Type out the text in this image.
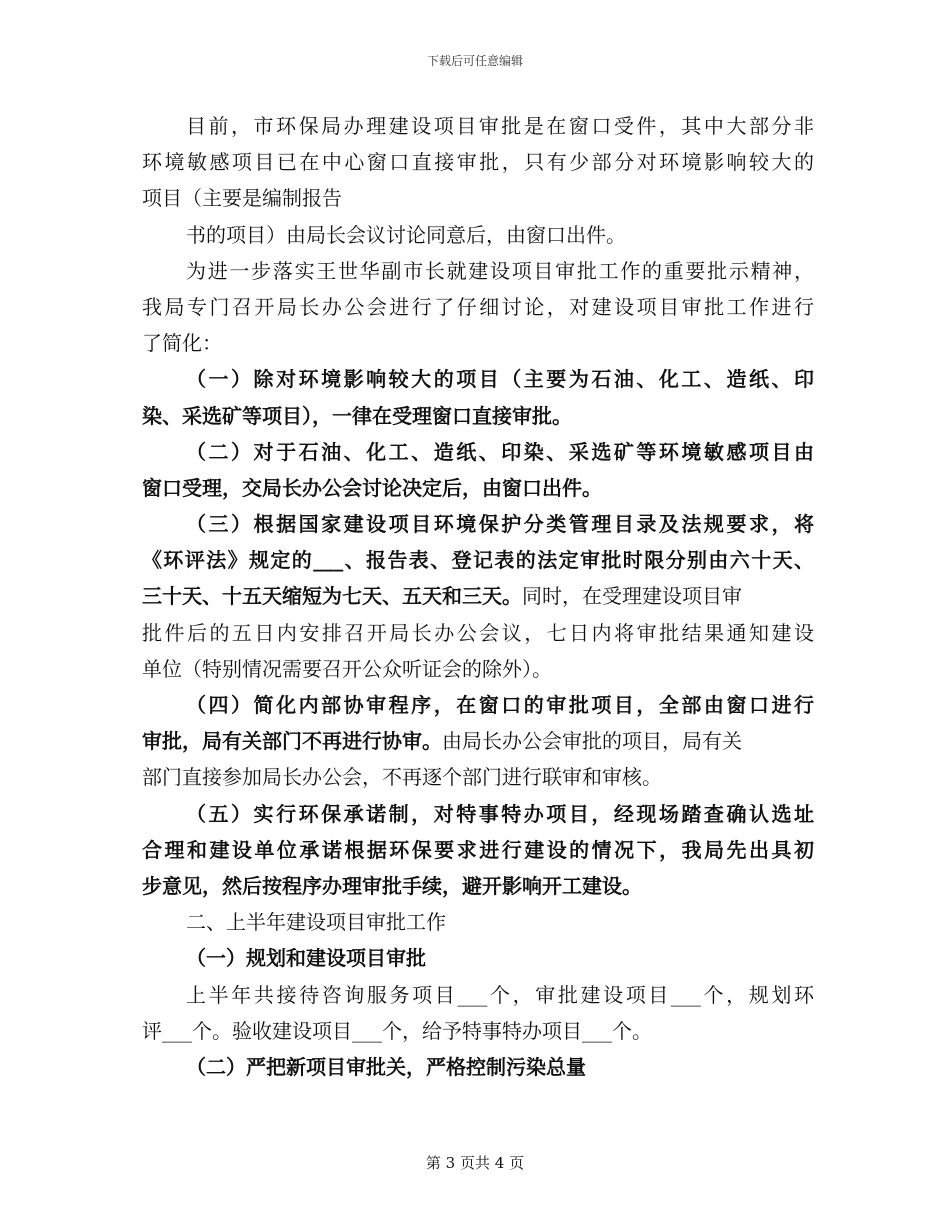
下载后可任意编辑
目前，市环保局办理建设项目审批是在窗口受件，其中大部分非
环境敏感项目已在中心窗口直接审批，只有少部分对环境影响较大的
项目（主要是编制报告
书的项目）由局长会议讨论同意后，由窗口出件。
为进一步落实王世华副市长就建设项目审批工作的重要批示精神，
我局专门召开局长办公会进行了仔细讨论，对建设项目审批工作进行
了简化：
（一）除对环境影响较大的项目（主要为石油、化工、造纸、印
染、采选矿等项目），一律在受理窗口直接审批。
（二）对于石油、化工、造纸、印染、采选矿等环境敏感项目由
窗口受理，交局长办公会讨论决定后，由窗口出件。
（三）根据国家建设项目环境保护分类管理目录及法规要求，将
《环评法》规定的___、报告表、登记表的法定审批时限分别由六十天、
三十天、十五天缩短为七天、五天和三天。同时，在受理建设项目审
批件后的五日内安排召开局长办公会议，七日内将审批结果通知建设
单位（特别情况需要召开公众听证会的除外）。
（四）简化内部协审程序，在窗口的审批项目，全部由窗口进行
审批，局有关部门不再进行协审。由局长办公会审批的项目，局有关
部门直接参加局长办公会，不再逐个部门进行联审和审核。
（五）实行环保承诺制，对特事特办项目，经现场踏查确认选址
合理和建设单位承诺根据环保要求进行建设的情况下，我局先出具初
步意见，然后按程序办理审批手续，避开影响开工建设。
二、上半年建设项目审批工作
（一）规划和建设项目审批
上半年共接待咨询服务项目___个，审批建设项目___个，规划环
评___个。验收建设项目___个，给予特事特办项目___个。
（二）严把新项目审批关，严格控制污染总量
第 3 页共 4 页
